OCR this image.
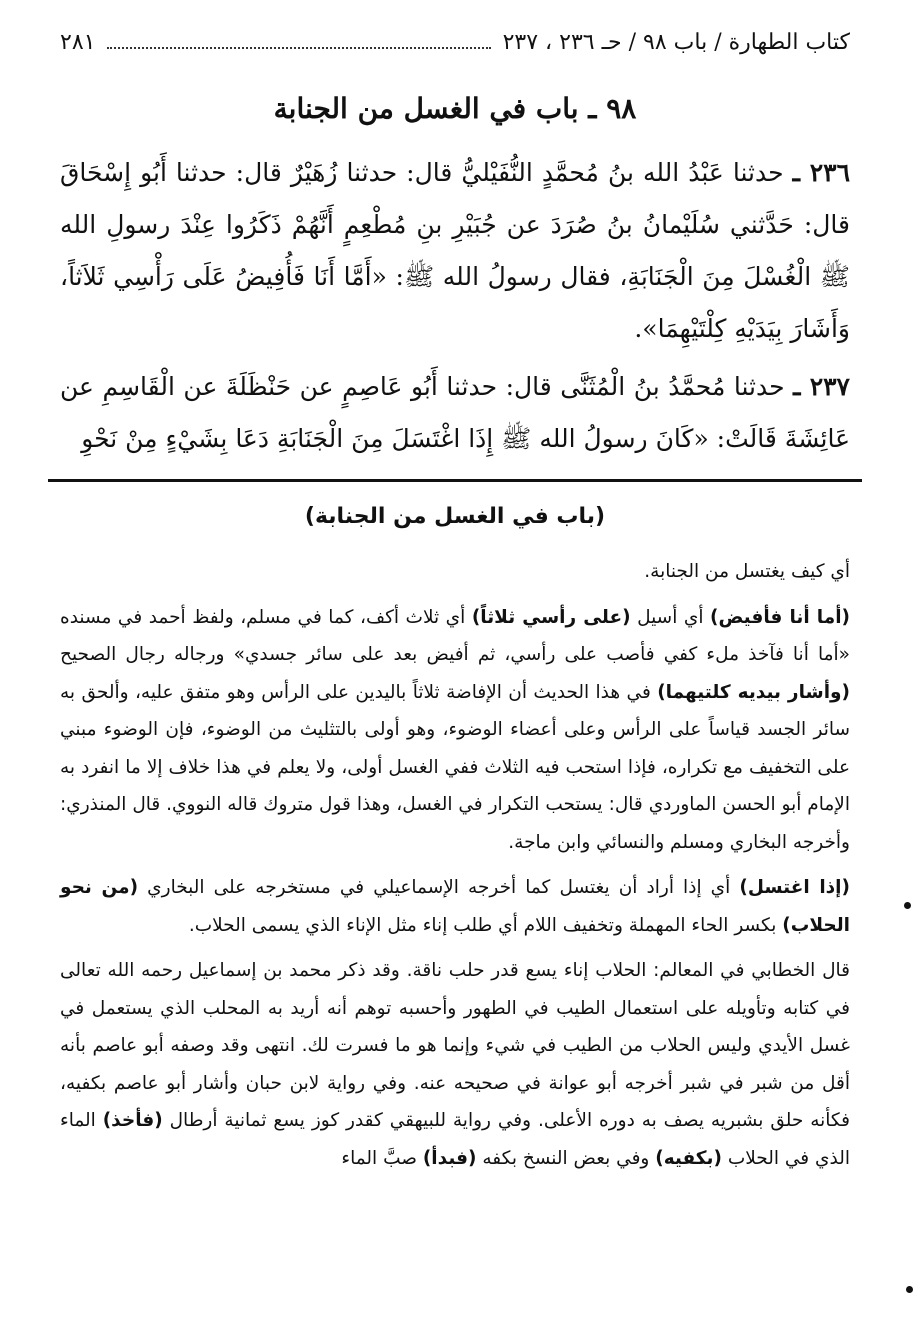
كتاب الطهارة / باب ٩٨ / حـ ٢٣٦ ، ٢٣٧
٢٨١
٩٨ ـ باب في الغسل من الجنابة

٢٣٦ ـ حدثنا عَبْدُ الله بنُ مُحمَّدٍ النُّفَيْليُّ قال: حدثنا زُهَيْرٌ قال: حدثنا أَبُو إِسْحَاقَ قال: حَدَّثني سُلَيْمانُ بنُ صُرَدَ عن جُبَيْرِ بنِ مُطْعِمٍ أَنَّهُمْ ذَكَرُوا عِنْدَ رسولِ الله ﷺ الْغُسْلَ مِنَ الْجَنَابَةِ، فقال رسولُ الله ﷺ: «أَمَّا أَنَا فَأُفِيضُ عَلَى رَأْسِي ثَلاَثاً، وَأَشَارَ بِيَدَيْهِ كِلْتَيْهِمَا».

٢٣٧ ـ حدثنا مُحمَّدُ بنُ الْمُثَنَّى قال: حدثنا أَبُو عَاصِمٍ عن حَنْظَلَةَ عن الْقَاسِمِ عن عَائِشَةَ قَالَتْ: «كَانَ رسولُ الله ﷺ إِذَا اغْتَسَلَ مِنَ الْجَنَابَةِ دَعَا بِشَيْءٍ مِنْ نَحْوِ

(باب في الغسل من الجنابة)

أي كيف يغتسل من الجنابة.

(أما أنا فأفيض) أي أسيل (على رأسي ثلاثاً) أي ثلاث أكف، كما في مسلم، ولفظ أحمد في مسنده «أما أنا فآخذ ملء كفي فأصب على رأسي، ثم أفيض بعد على سائر جسدي» ورجاله رجال الصحيح (وأشار بيديه كلتيهما) في هذا الحديث أن الإفاضة ثلاثاً باليدين على الرأس وهو متفق عليه، وألحق به سائر الجسد قياساً على الرأس وعلى أعضاء الوضوء، وهو أولى بالتثليث من الوضوء، فإن الوضوء مبني على التخفيف مع تكراره، فإذا استحب فيه الثلاث ففي الغسل أولى، ولا يعلم في هذا خلاف إلا ما انفرد به الإمام أبو الحسن الماوردي قال: يستحب التكرار في الغسل، وهذا قول متروك قاله النووي. قال المنذري: وأخرجه البخاري ومسلم والنسائي وابن ماجة.

(إذا اغتسل) أي إذا أراد أن يغتسل كما أخرجه الإسماعيلي في مستخرجه على البخاري (من نحو الحلاب) بكسر الحاء المهملة وتخفيف اللام أي طلب إناء مثل الإناء الذي يسمى الحلاب.

قال الخطابي في المعالم: الحلاب إناء يسع قدر حلب ناقة. وقد ذكر محمد بن إسماعيل رحمه الله تعالى في كتابه وتأويله على استعمال الطيب في الطهور وأحسبه توهم أنه أريد به المحلب الذي يستعمل في غسل الأيدي وليس الحلاب من الطيب في شيء وإنما هو ما فسرت لك. انتهى وقد وصفه أبو عاصم بأنه أقل من شبر في شبر أخرجه أبو عوانة في صحيحه عنه. وفي رواية لابن حبان وأشار أبو عاصم بكفيه، فكأنه حلق بشبريه يصف به دوره الأعلى. وفي رواية للبيهقي كقدر كوز يسع ثمانية أرطال (فأخذ) الماء الذي في الحلاب (بكفيه) وفي بعض النسخ بكفه (فبدأ) صبَّ الماء
